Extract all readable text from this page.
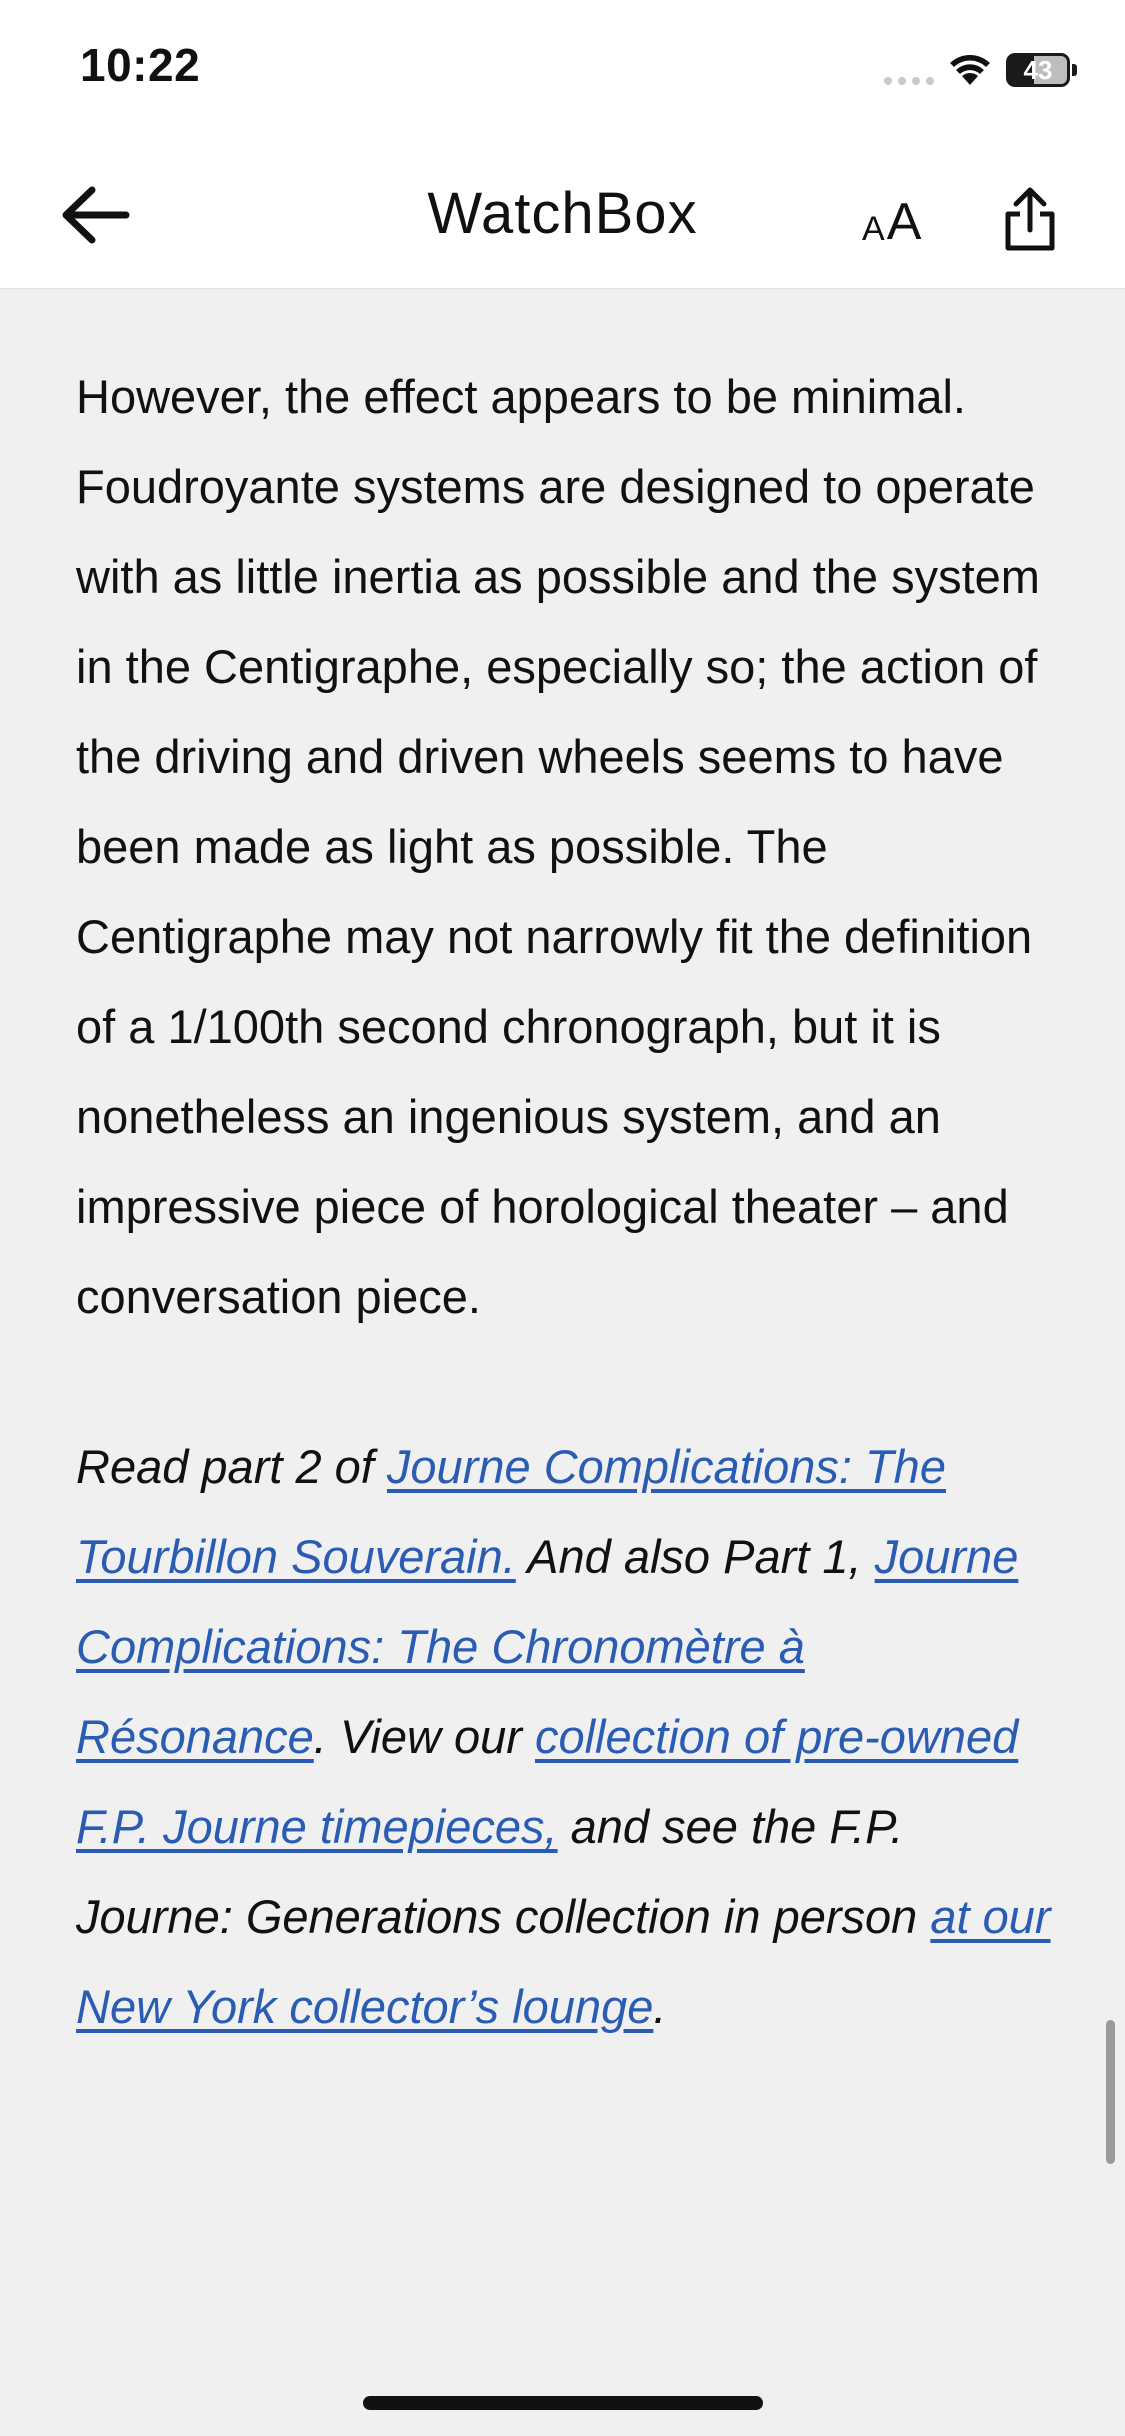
10:22	43
WatchBox	A A

However, the effect appears to be minimal. Foudroyante systems are designed to operate with as little inertia as possible and the system in the Centigraphe, especially so; the action of the driving and driven wheels seems to have been made as light as possible. The Centigraphe may not narrowly fit the definition of a 1/100th second chronograph, but it is nonetheless an ingenious system, and an impressive piece of horological theater – and conversation piece.

Read part 2 of Journe Complications: The Tourbillon Souverain. And also Part 1, Journe Complications: The Chronomètre à Résonance. View our collection of pre-owned F.P. Journe timepieces, and see the F.P. Journe: Generations collection in person at our New York collector’s lounge.
